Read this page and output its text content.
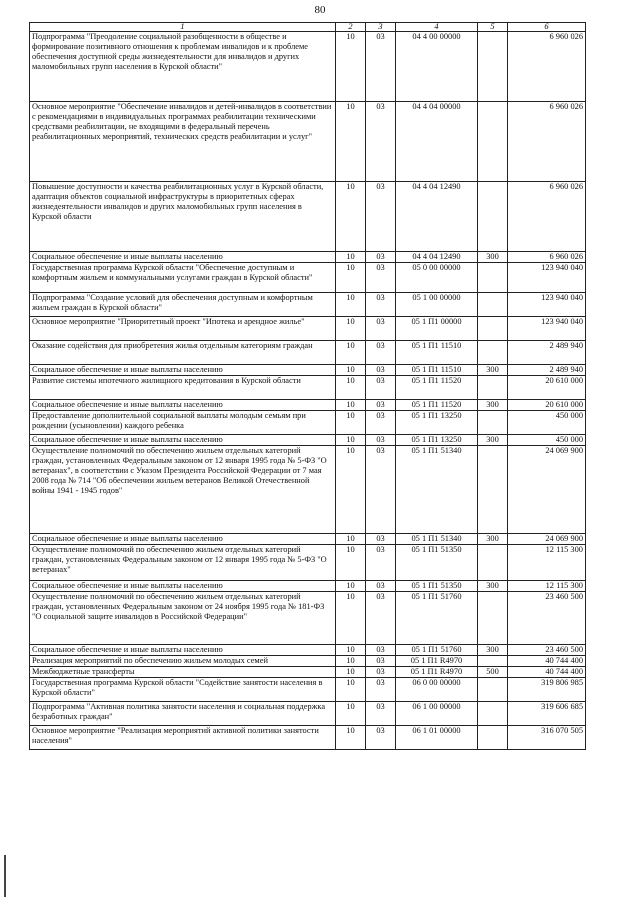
80
1	2	3	4	5	6
Подпрограмма "Преодоление социальной разобщенности в обществе и формирование позитивного отношения к проблемам инвалидов и к проблеме обеспечения доступной среды жизнедеятельности для инвалидов и других маломобильных групп населения в Курской области"	10	03	04 4 00 00000		6 960 026
Основное мероприятие "Обеспечение инвалидов и детей-инвалидов в соответствии с рекомендациями в индивидуальных программах реабилитации техническими средствами реабилитации, не входящими в федеральный перечень реабилитационных мероприятий, технических средств реабилитации и услуг"	10	03	04 4 04 00000		6 960 026
Повышение доступности и качества реабилитационных услуг в Курской области, адаптация объектов социальной инфраструктуры в приоритетных сферах жизнедеятельности инвалидов и других маломобильных групп населения в Курской области	10	03	04 4 04 12490		6 960 026
Социальное обеспечение и иные выплаты населению	10	03	04 4 04 12490	300	6 960 026
Государственная программа Курской области "Обеспечение доступным и комфортным жильем и коммунальными услугами граждан в Курской области"	10	03	05 0 00 00000		123 940 040
Подпрограмма "Создание условий для обеспечения доступным и комфортным жильем граждан в Курской области"	10	03	05 1 00 00000		123 940 040
Основное мероприятие "Приоритетный проект "Ипотека и арендное жилье"	10	03	05 1 П1 00000		123 940 040
Оказание содействия для приобретения жилья отдельным категориям граждан	10	03	05 1 П1 11510		2 489 940
Социальное обеспечение и иные выплаты населению	10	03	05 1 П1 11510	300	2 489 940
Развитие системы ипотечного жилищного кредитования в Курской области	10	03	05 1 П1 11520		20 610 000
Социальное обеспечение и иные выплаты населению	10	03	05 1 П1 11520	300	20 610 000
Предоставление дополнительной социальной выплаты молодым семьям при рождении (усыновлении) каждого ребенка	10	03	05 1 П1 13250		450 000
Социальное обеспечение и иные выплаты населению	10	03	05 1 П1 13250	300	450 000
Осуществление полномочий по обеспечению жильем отдельных категорий граждан, установленных Федеральным законом от 12 января 1995 года № 5-ФЗ "О ветеранах", в соответствии с Указом Президента Российской Федерации от 7 мая 2008 года № 714 "Об обеспечении жильем ветеранов Великой Отечественной войны 1941 - 1945 годов"	10	03	05 1 П1 51340		24 069 900
Социальное обеспечение и иные выплаты населению	10	03	05 1 П1 51340	300	24 069 900
Осуществление полномочий по обеспечению жильем отдельных категорий граждан, установленных Федеральным законом от 12 января 1995 года № 5-ФЗ "О ветеранах"	10	03	05 1 П1 51350		12 115 300
Социальное обеспечение и иные выплаты населению	10	03	05 1 П1 51350	300	12 115 300
Осуществление полномочий по обеспечению жильем отдельных категорий граждан, установленных Федеральным законом от 24 ноября 1995 года № 181-ФЗ "О социальной защите инвалидов в Российской Федерации"	10	03	05 1 П1 51760		23 460 500
Социальное обеспечение и иные выплаты населению	10	03	05 1 П1 51760	300	23 460 500
Реализация мероприятий по обеспечению жильем молодых семей	10	03	05 1 П1 R4970		40 744 400
Межбюджетные трансферты	10	03	05 1 П1 R4970	500	40 744 400
Государственная программа Курской области "Содействие занятости населения в Курской области"	10	03	06 0 00 00000		319 806 985
Подпрограмма "Активная политика занятости населения и социальная поддержка безработных граждан"	10	03	06 1 00 00000		319 606 685
Основное мероприятие "Реализация мероприятий активной политики занятости населения"	10	03	06 1 01 00000		316 070 505
